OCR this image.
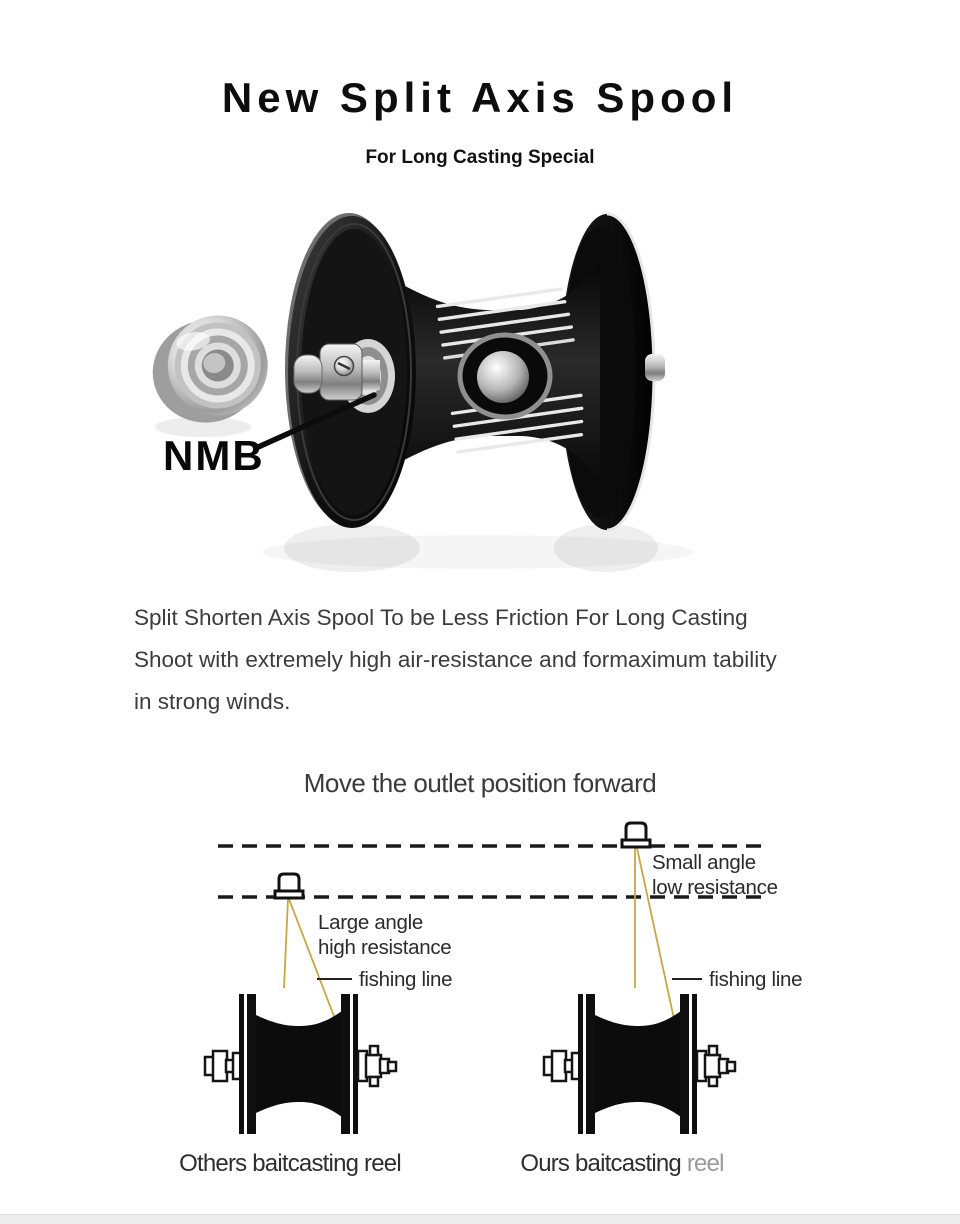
New Split Axis Spool
For Long Casting Special
NMB
Split Shorten Axis Spool To be Less Friction For Long Casting
Shoot with extremely high air-resistance and formaximum tability
in strong winds.
Move the outlet position forward
Small angle
low resistance
Large angle
high resistance
fishing line	fishing line
Others baitcasting reel	Ours baitcasting reel
